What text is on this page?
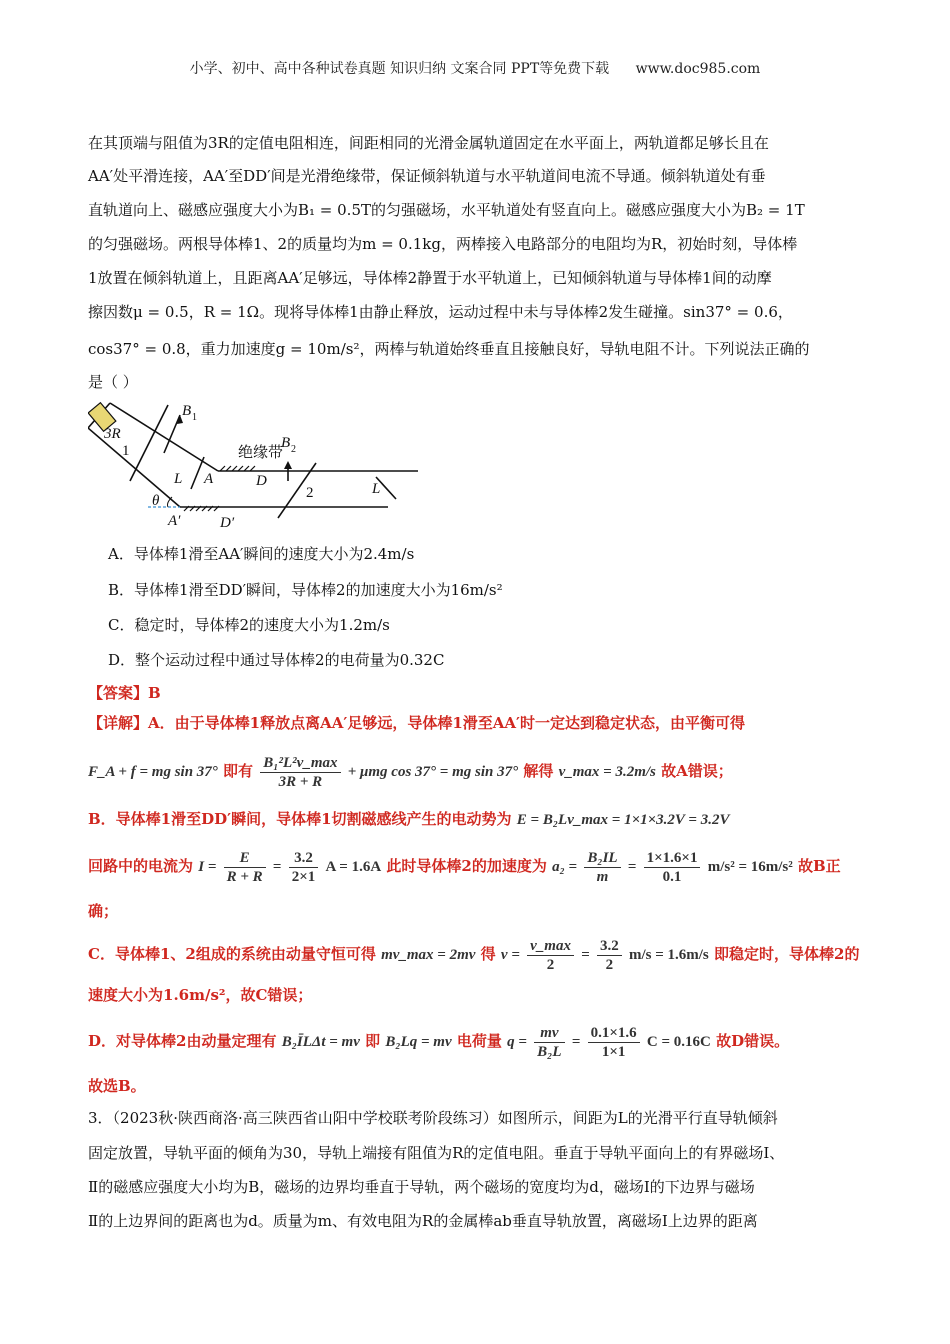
小学、初中、高中各种试卷真题 知识归纳 文案合同 PPT等免费下载 www.doc985.com
在其顶端与阻值为3R的定值电阻相连，间距相同的光滑金属轨道固定在水平面上，两轨道都足够长且在
AA′处平滑连接，AA′至DD′间是光滑绝缘带，保证倾斜轨道与水平轨道间电流不导通。倾斜轨道处有垂
直轨道向上、磁感应强度大小为B₁ = 0.5T的匀强磁场，水平轨道处有竖直向上。磁感应强度大小为B₂ = 1T
的匀强磁场。两根导体棒1、2的质量均为m = 0.1kg，两棒接入电路部分的电阻均为R，初始时刻，导体棒
1放置在倾斜轨道上，且距离AA′足够远，导体棒2静置于水平轨道上，已知倾斜轨道与导体棒1间的动摩
擦因数μ = 0.5，R = 1Ω。现将导体棒1由静止释放，运动过程中未与导体棒2发生碰撞。sin37° = 0.6，
cos37° = 0.8，重力加速度g = 10m/s²，两棒与轨道始终垂直且接触良好，导轨电阻不计。下列说法正确的
是（ ）
3R
B 1
B 2
1
2
L
L
绝缘带
A	D
A′	D′
θ
A．导体棒1滑至AA′瞬间的速度大小为2.4m/s
B．导体棒1滑至DD′瞬间，导体棒2的加速度大小为16m/s²
C．稳定时，导体棒2的速度大小为1.2m/s
D．整个运动过程中通过导体棒2的电荷量为0.32C
【答案】B
【详解】A．由于导体棒1释放点离AA′足够远，导体棒1滑至AA′时一定达到稳定状态，由平衡可得
F_A + f = mg sin 37° 即有 $\frac{\text{B₁²L²v\_max}}{3R + R} + \mu mg$ cos 37° = mg sin 37° 解得 v_max = 3.2m/s 故A错误；
B．导体棒1滑至DD′瞬间，导体棒1切割磁感线产生的电动势为 E = B₂Lv_max = 1×1×3.2V = 3.2V
回路中的电流为 $I = \frac{E}{R + R} = \frac{3.2}{2\times 1}$ A = 1.6A 此时导体棒2的加速度为 $a_2 = \frac{\text{B₂IL}}{m} = \frac{1\times 1.6\times 1}{0.1} m/s^2 = 16m/s^2$ 故B正
确；
C．导体棒1、2组成的系统由动量守恒可得 mv_max = 2mv 得 $v = \frac{v\_\max}{2} = \frac{3.2}{2} m/s = 1.6m/s$ 即稳定时，导体棒2的
速度大小为1.6m/s²，故C错误；
D．对导体棒2由动量定理有 B₂ĪLΔt = mv 即 B₂Lq = mv 电荷量 $q = \frac{mv}{\text{B₂L}} = \frac{0.1\times 1.6}{1\times 1}$ C = 0.16C 故D错误。
故选B。
3．（2023秋·陕西商洛·高三陕西省山阳中学校联考阶段练习）如图所示，间距为L的光滑平行直导轨倾斜
固定放置，导轨平面的倾角为30，导轨上端接有阻值为R的定值电阻。垂直于导轨平面向上的有界磁场Ⅰ、
Ⅱ的磁感应强度大小均为B，磁场的边界均垂直于导轨，两个磁场的宽度均为d，磁场Ⅰ的下边界与磁场
Ⅱ的上边界间的距离也为d。质量为m、有效电阻为R的金属棒ab垂直导轨放置，离磁场Ⅰ上边界的距离
